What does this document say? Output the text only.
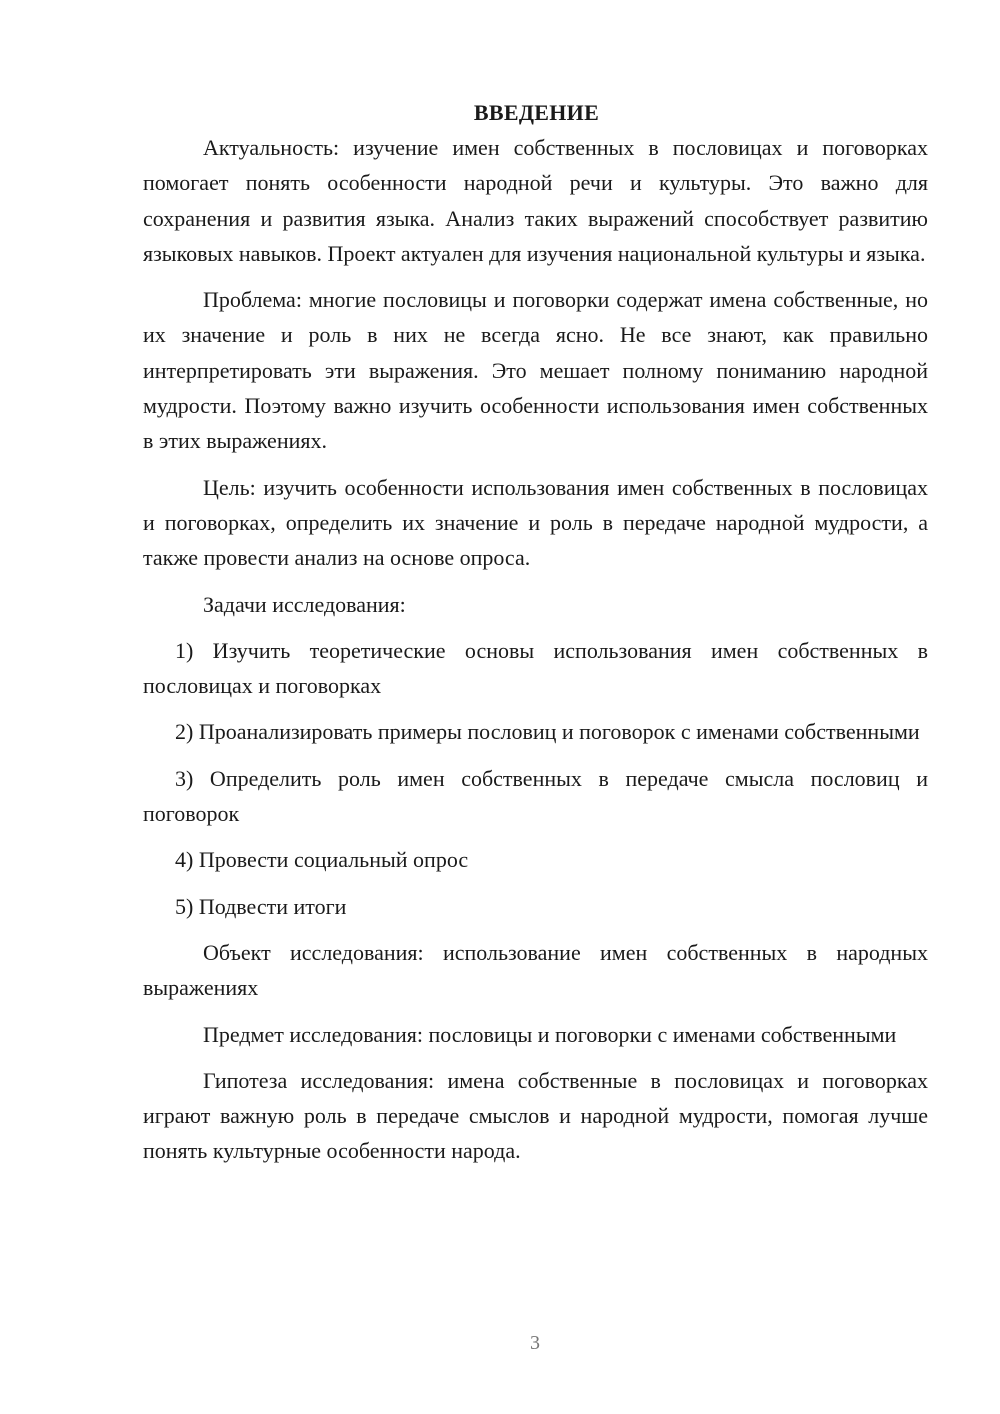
ВВЕДЕНИЕ

Актуальность: изучение имен собственных в пословицах и поговорках помогает понять особенности народной речи и культуры. Это важно для сохранения и развития языка. Анализ таких выражений способствует развитию языковых навыков. Проект актуален для изучения национальной культуры и языка.

Проблема: многие пословицы и поговорки содержат имена собственные, но их значение и роль в них не всегда ясно. Не все знают, как правильно интерпретировать эти выражения. Это мешает полному пониманию народной мудрости. Поэтому важно изучить особенности использования имен собственных в этих выражениях.

Цель: изучить особенности использования имен собственных в пословицах и поговорках, определить их значение и роль в передаче народной мудрости, а также провести анализ на основе опроса.

Задачи исследования:

1) Изучить теоретические основы использования имен собственных в пословицах и поговорках

2) Проанализировать примеры пословиц и поговорок с именами собственными

3) Определить роль имен собственных в передаче смысла пословиц и поговорок

4) Провести социальный опрос

5) Подвести итоги

Объект исследования: использование имен собственных в народных выражениях

Предмет исследования: пословицы и поговорки с именами собственными

Гипотеза исследования: имена собственные в пословицах и поговорках играют важную роль в передаче смыслов и народной мудрости, помогая лучше понять культурные особенности народа.

3
